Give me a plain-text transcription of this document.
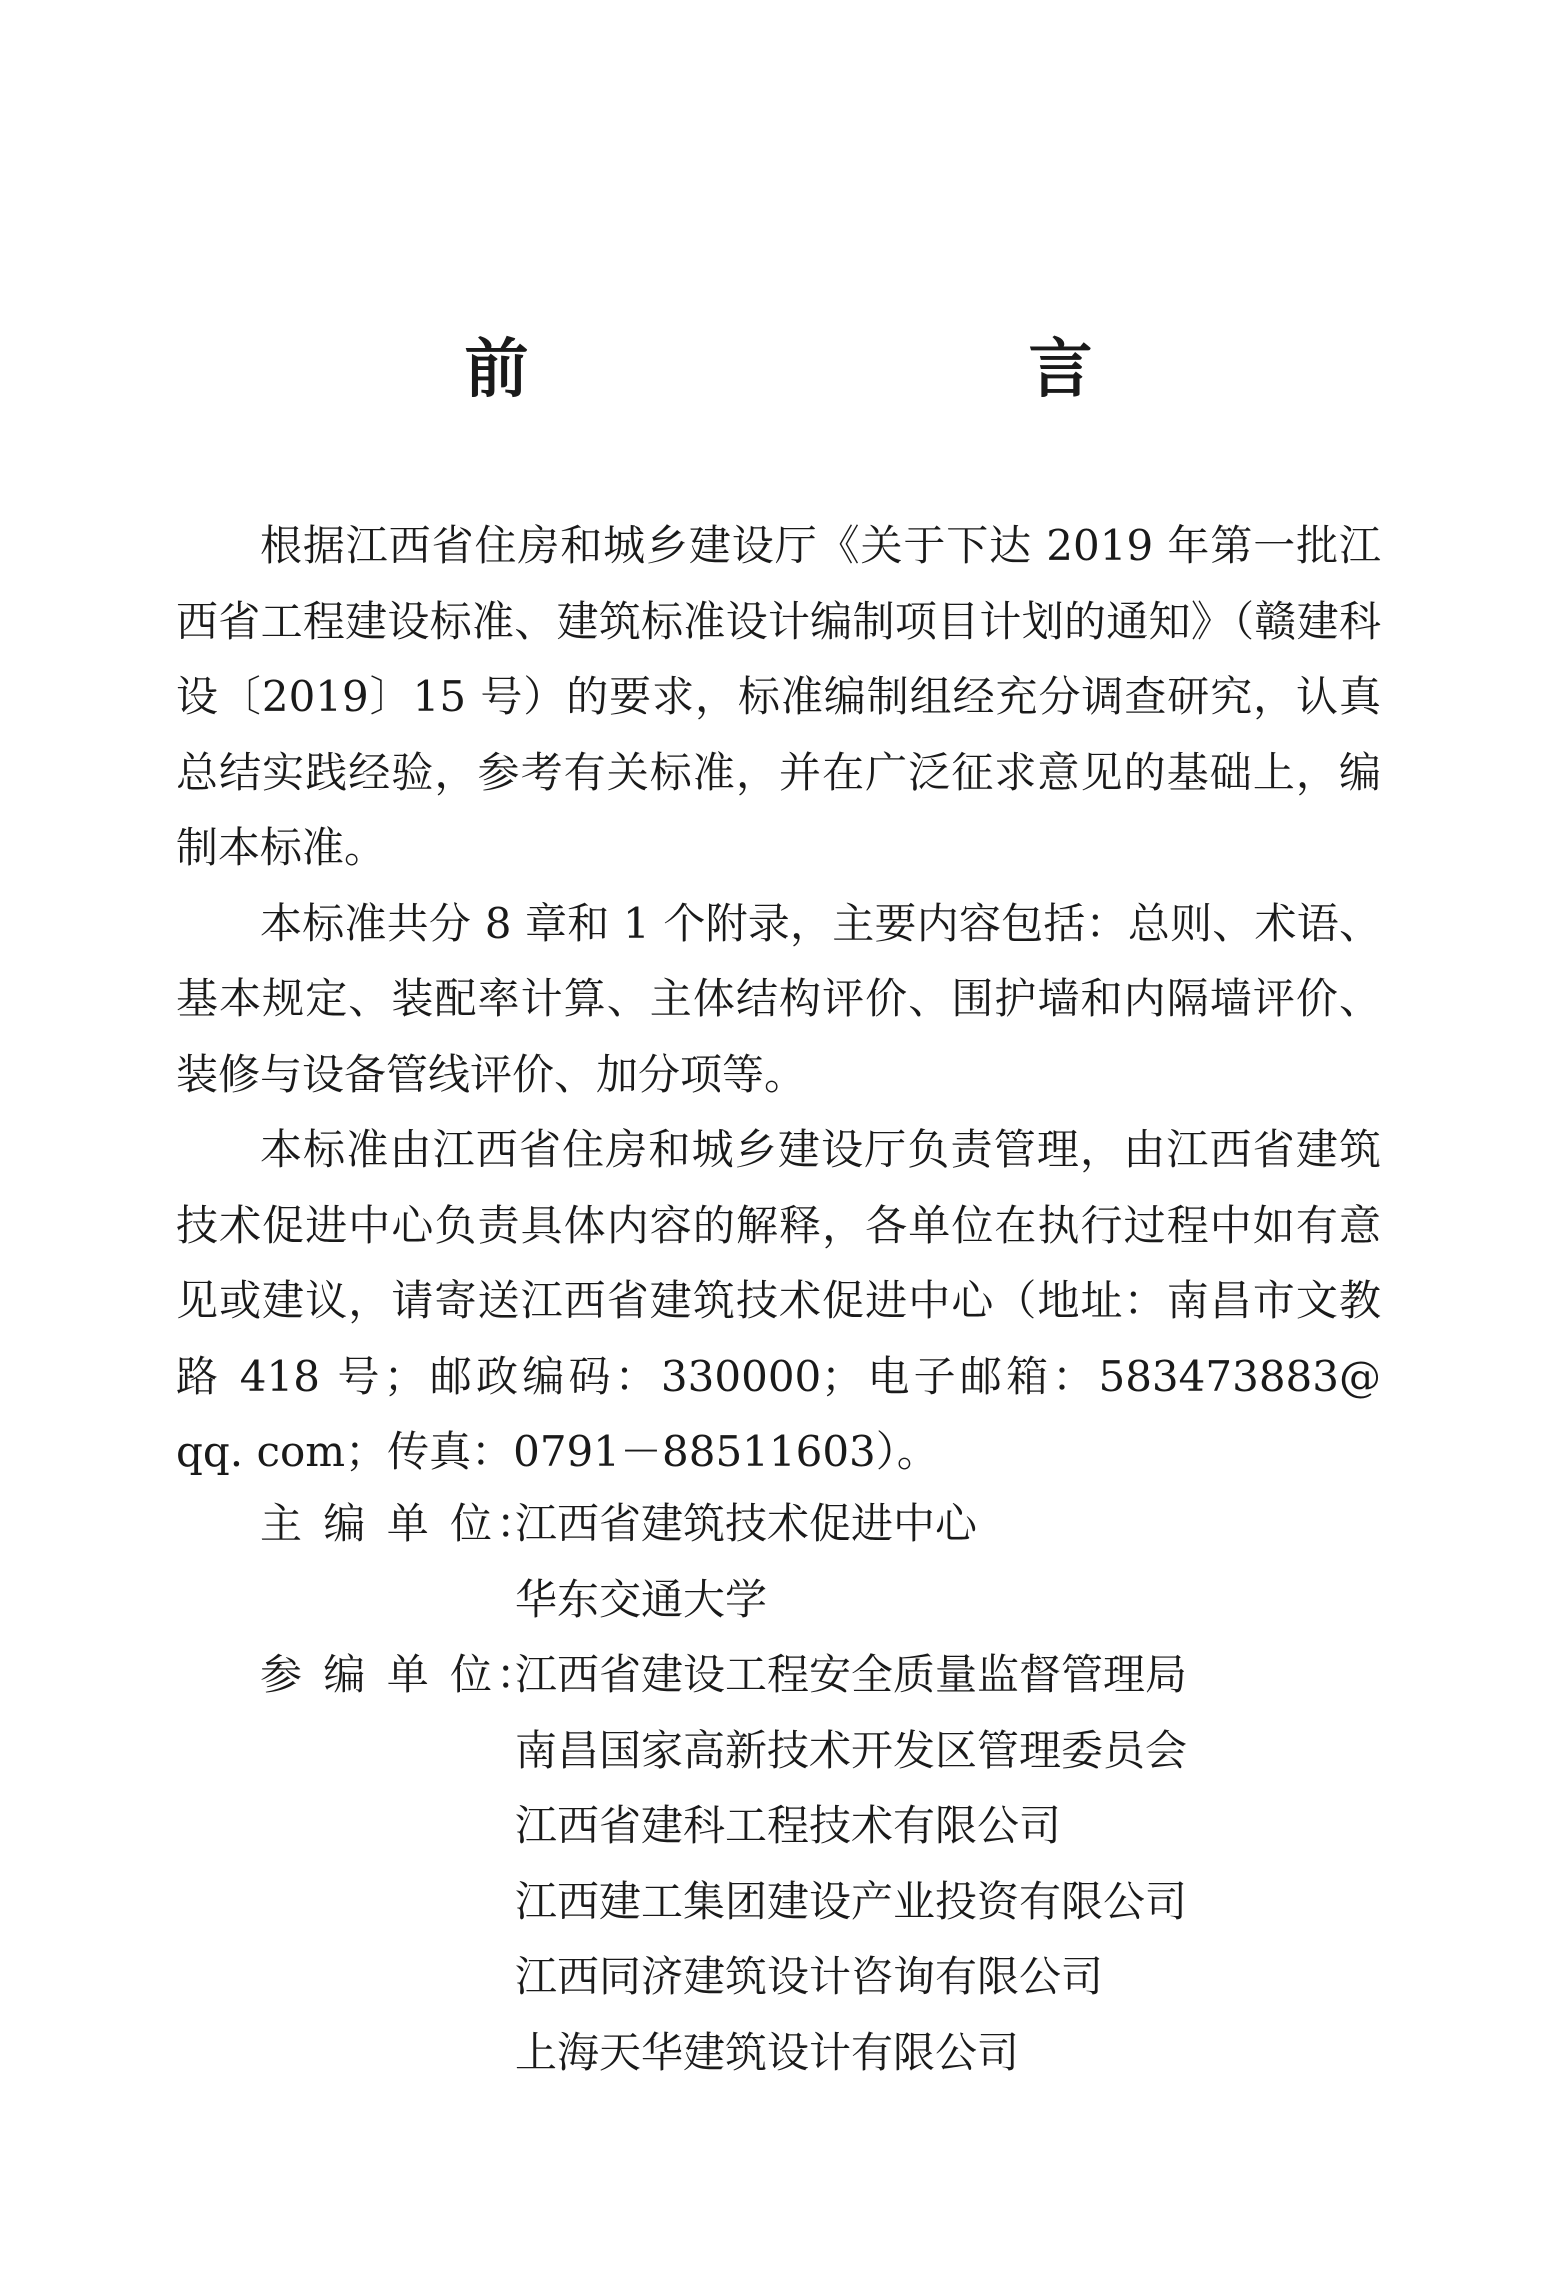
前　　言

根据江西省住房和城乡建设厅《关于下达 2019 年第一批江西省工程建设标准、建筑标准设计编制项目计划的通知》（赣建科设〔2019〕15 号）的要求，标准编制组经充分调查研究，认真总结实践经验，参考有关标准，并在广泛征求意见的基础上，编制本标准。

本标准共分 8 章和 1 个附录，主要内容包括：总则、术语、基本规定、装配率计算、主体结构评价、围护墙和内隔墙评价、装修与设备管线评价、加分项等。

本标准由江西省住房和城乡建设厅负责管理，由江西省建筑技术促进中心负责具体内容的解释，各单位在执行过程中如有意见或建议，请寄送江西省建筑技术促进中心（地址：南昌市文教路 418 号；邮政编码：330000；电子邮箱：583473883@ qq. com；传真：0791－88511603）。

主 编 单 位：
江西省建筑技术促进中心
华东交通大学
参 编 单 位：
江西省建设工程安全质量监督管理局
南昌国家高新技术开发区管理委员会
江西省建科工程技术有限公司
江西建工集团建设产业投资有限公司
江西同济建筑设计咨询有限公司
上海天华建筑设计有限公司
